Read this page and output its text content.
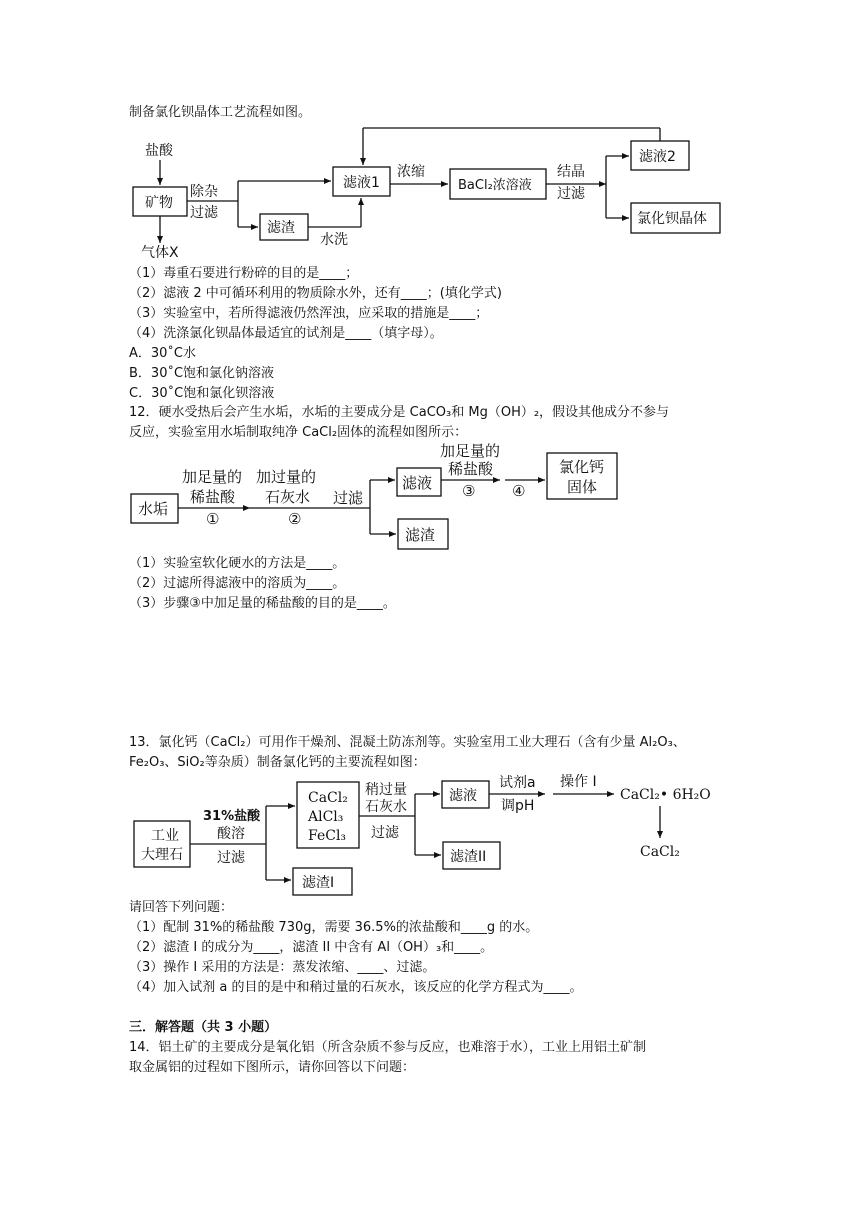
制备氯化钡晶体工艺流程如图。
盐酸
矿物
除杂
过滤
气体X
滤液1
滤渣
水洗
浓缩
BaCl₂浓溶液
结晶
过滤
滤液2
氯化钡晶体
（1）毒重石要进行粉碎的目的是____；
（2）滤液 2 中可循环利用的物质除水外，还有____；(填化学式)
（3）实验室中，若所得滤液仍然浑浊，应采取的措施是____；
（4）洗涤氯化钡晶体最适宜的试剂是____（填字母）。
A．30˚C水
B．30˚C饱和氯化钠溶液
C．30˚C饱和氯化钡溶液
12．硬水受热后会产生水垢，水垢的主要成分是 CaCO₃和 Mg（OH）₂，假设其他成分不参与
反应，实验室用水垢制取纯净 CaCl₂固体的流程如图所示：
水垢
加足量的
稀盐酸
①
加过量的
石灰水
②
过滤
滤液
滤渣
加足量的
稀盐酸
③ ④
氯化钙
固体
（1）实验室软化硬水的方法是____。
（2）过滤所得滤液中的溶质为____。
（3）步骤③中加足量的稀盐酸的目的是____。
13．氯化钙（CaCl₂）可用作干燥剂、混凝土防冻剂等。实验室用工业大理石（含有少量 Al₂O₃、
Fe₂O₃、SiO₂等杂质）制备氯化钙的主要流程如图：
工业
大理石
31%盐酸
酸溶
过滤
CaCl₂
AlCl₃
FeCl₃
稍过量
石灰水
过滤
滤液
试剂a
调pH
操作 I
CaCl₂• 6H₂O
CaCl₂
滤渣I
滤渣II
请回答下列问题：
（1）配制 31%的稀盐酸 730g，需要 36.5%的浓盐酸和____g 的水。
（2）滤渣 I 的成分为____，滤渣 II 中含有 Al（OH）₃和____。
（3）操作 I 采用的方法是：蒸发浓缩、____、过滤。
（4）加入试剂 a 的目的是中和稍过量的石灰水，该反应的化学方程式为____。
三．解答题（共 3 小题）
14．铝土矿的主要成分是氧化铝（所含杂质不参与反应，也难溶于水），工业上用铝土矿制
取金属铝的过程如下图所示，请你回答以下问题：
